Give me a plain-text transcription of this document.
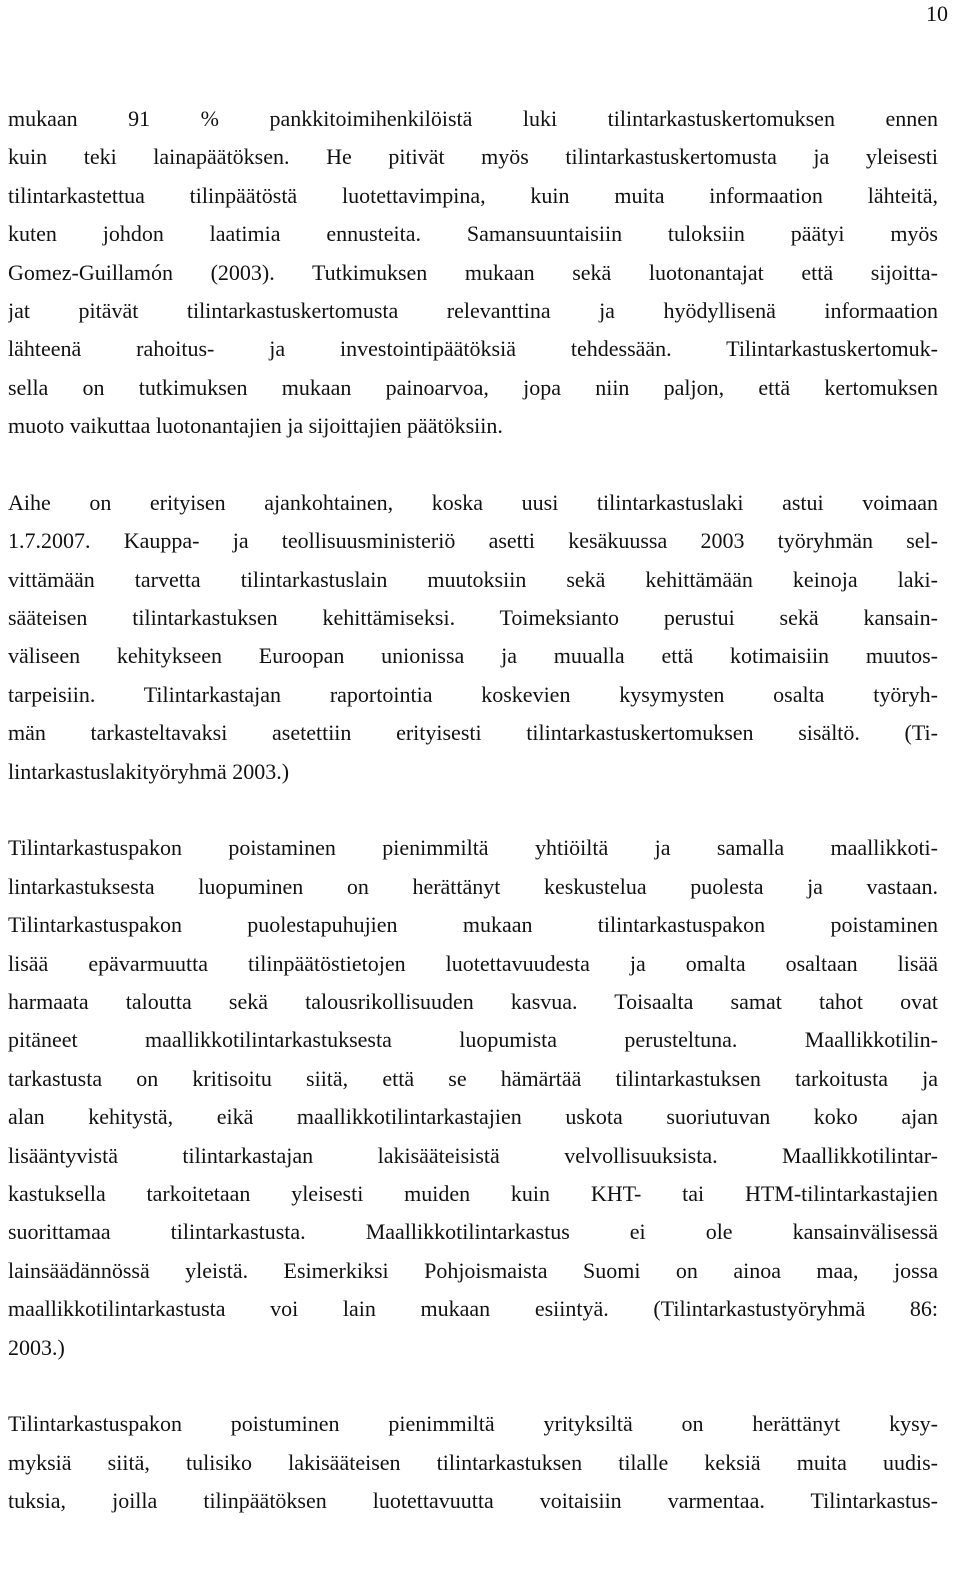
10
mukaan 91 % pankkitoimihenkilöistä luki tilintarkastuskertomuksen ennen
kuin teki lainapäätöksen. He pitivät myös tilintarkastuskertomusta ja yleisesti
tilintarkastettua tilinpäätöstä luotettavimpina, kuin muita informaation lähteitä,
kuten johdon laatimia ennusteita. Samansuuntaisiin tuloksiin päätyi myös
Gomez-Guillamón (2003). Tutkimuksen mukaan sekä luotonantajat että sijoitta-
jat pitävät tilintarkastuskertomusta relevanttina ja hyödyllisenä informaation
lähteenä rahoitus- ja investointipäätöksiä tehdessään. Tilintarkastuskertomuk-
sella on tutkimuksen mukaan painoarvoa, jopa niin paljon, että kertomuksen
muoto vaikuttaa luotonantajien ja sijoittajien päätöksiin.
Aihe on erityisen ajankohtainen, koska uusi tilintarkastuslaki astui voimaan
1.7.2007. Kauppa- ja teollisuusministeriö asetti kesäkuussa 2003 työryhmän sel-
vittämään tarvetta tilintarkastuslain muutoksiin sekä kehittämään keinoja laki-
sääteisen tilintarkastuksen kehittämiseksi. Toimeksianto perustui sekä kansain-
väliseen kehitykseen Euroopan unionissa ja muualla että kotimaisiin muutos-
tarpeisiin. Tilintarkastajan raportointia koskevien kysymysten osalta työryh-
män tarkasteltavaksi asetettiin erityisesti tilintarkastuskertomuksen sisältö. (Ti-
lintarkastuslakityöryhmä 2003.)
Tilintarkastuspakon poistaminen pienimmiltä yhtiöiltä ja samalla maallikkoti-
lintarkastuksesta luopuminen on herättänyt keskustelua puolesta ja vastaan.
Tilintarkastuspakon puolestapuhujien mukaan tilintarkastuspakon poistaminen
lisää epävarmuutta tilinpäätöstietojen luotettavuudesta ja omalta osaltaan lisää
harmaata taloutta sekä talousrikollisuuden kasvua. Toisaalta samat tahot ovat
pitäneet maallikkotilintarkastuksesta luopumista perusteltuna. Maallikkotilin-
tarkastusta on kritisoitu siitä, että se hämärtää tilintarkastuksen tarkoitusta ja
alan kehitystä, eikä maallikkotilintarkastajien uskota suoriutuvan koko ajan
lisääntyvistä tilintarkastajan lakisääteisistä velvollisuuksista. Maallikkotilintar-
kastuksella tarkoitetaan yleisesti muiden kuin KHT- tai HTM-tilintarkastajien
suorittamaa tilintarkastusta. Maallikkotilintarkastus ei ole kansainvälisessä
lainsäädännössä yleistä. Esimerkiksi Pohjoismaista Suomi on ainoa maa, jossa
maallikkotilintarkastusta voi lain mukaan esiintyä. (Tilintarkastustyöryhmä 86:
2003.)
Tilintarkastuspakon poistuminen pienimmiltä yrityksiltä on herättänyt kysy-
myksiä siitä, tulisiko lakisääteisen tilintarkastuksen tilalle keksiä muita uudis-
tuksia, joilla tilinpäätöksen luotettavuutta voitaisiin varmentaa. Tilintarkastus-
